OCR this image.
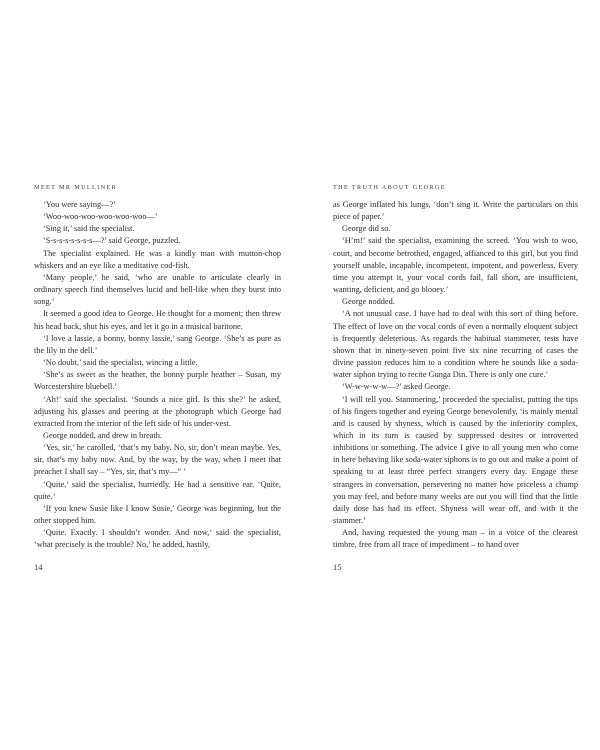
MEET MR MULLINER

‘You were saying—?’

‘Woo-woo-woo-woo-woo-woo—’

‘Sing it,’ said the specialist.

‘S-s-s-s-s-s-s-s—?’ said George, puzzled.

The specialist explained. He was a kindly man with mutton-chop whiskers and an eye like a meditative cod-fish.

‘Many people,’ he said, ‘who are unable to articulate clearly in ordinary speech find themselves lucid and bell-like when they burst into song.’

It seemed a good idea to George. He thought for a moment; then threw his head back, shut his eyes, and let it go in a musical baritone.

‘I love a lassie, a bonny, bonny lassie,’ sang George. ‘She’s as pure as the lily in the dell.’

‘No doubt,’ said the specialist, wincing a little.

‘She’s as sweet as the heather, the bonny purple heather – Susan, my Worcestershire bluebell.’

‘Ah!’ said the specialist. ‘Sounds a nice girl. Is this she?’ he asked, adjusting his glasses and peering at the photograph which George had extracted from the interior of the left side of his under-vest.

George nodded, and drew in breath.

‘Yes, sir,’ he carolled, ‘that’s my baby. No, sir, don’t mean maybe. Yes, sir, that’s my baby now. And, by the way, by the way, when I meet that preacher I shall say – “Yes, sir, that’s my—” ’

‘Quite,’ said the specialist, hurriedly. He had a sensitive ear. ‘Quite, quite.’

‘If you knew Susie like I know Susie,’ George was beginning, but the other stopped him.

‘Quite. Exactly. I shouldn’t wonder. And now,’ said the specialist, ‘what precisely is the trouble? No,’ he added, hastily,

14
THE TRUTH ABOUT GEORGE

as George inflated his lungs, ‘don’t sing it. Write the particulars on this piece of paper.’

George did so.

‘H’m!’ said the specialist, examining the screed. ‘You wish to woo, court, and become betrothed, engaged, affianced to this girl, but you find yourself unable, incapable, incompetent, impotent, and powerless. Every time you attempt it, your vocal cords fail, fall short, are insufficient, wanting, deficient, and go blooey.’

George nodded.

‘A not unusual case. I have had to deal with this sort of thing before. The effect of love on the vocal cords of even a normally eloquent subject is frequently deleterious. As regards the habitual stammerer, tests have shown that in ninety-seven point five six nine recurring of cases the divine passion reduces him to a condition where he sounds like a soda-water siphon trying to recite Gunga Din. There is only one cure.’

‘W-w-w-w-w—?’ asked George.

‘I will tell you. Stammering,’ proceeded the specialist, putting the tips of his fingers together and eyeing George benevolently, ‘is mainly mental and is caused by shyness, which is caused by the inferiority complex, which in its turn is caused by suppressed desires or introverted inhibitions or something. The advice I give to all young men who come in here behaving like soda-water siphons is to go out and make a point of speaking to at least three perfect strangers every day. Engage these strangers in conversation, persevering no matter how priceless a chump you may feel, and before many weeks are out you will find that the little daily dose has had its effect. Shyness will wear off, and with it the stammer.’

And, having requested the young man – in a voice of the clearest timbre, free from all trace of impediment – to hand over

15
